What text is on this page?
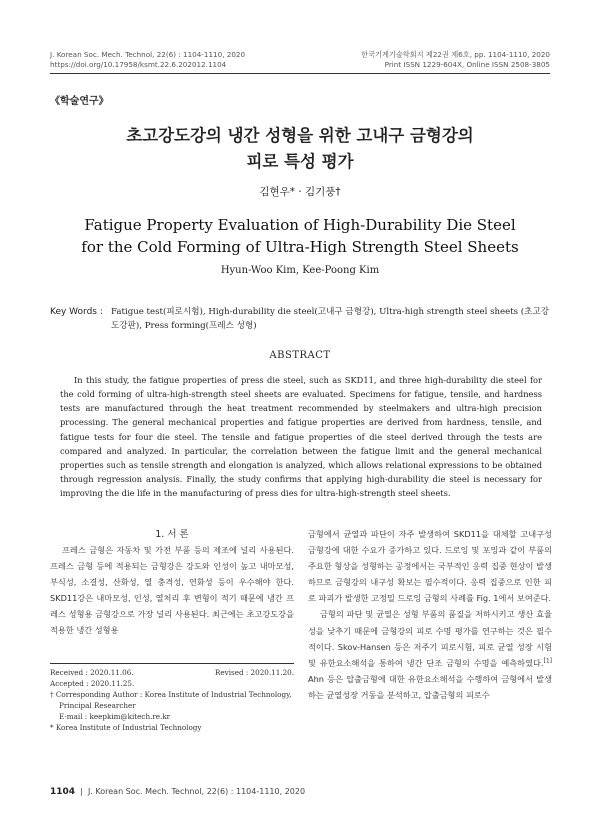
J. Korean Soc. Mech. Technol, 22(6) : 1104-1110, 2020
https://doi.org/10.17958/ksmt.22.6.202012.1104
한국기계기술학회지 제22권 제6호, pp. 1104-1110, 2020
Print ISSN 1229-604X, Online ISSN 2508-3805
《학술연구》
초고강도강의 냉간 성형을 위한 고내구 금형강의
피로 특성 평가
김현우* · 김기풍†
Fatigue Property Evaluation of High-Durability Die Steel
for the Cold Forming of Ultra-High Strength Steel Sheets
Hyun-Woo Kim, Kee-Poong Kim
Key Words : Fatigue test(피로시험), High-durability die steel(고내구 금형강), Ultra-high strength steel sheets (초고강도강판), Press forming(프레스 성형)
ABSTRACT
In this study, the fatigue properties of press die steel, such as SKD11, and three high-durability die steel for the cold forming of ultra-high-strength steel sheets are evaluated. Specimens for fatigue, tensile, and hardness tests are manufactured through the heat treatment recommended by steelmakers and ultra-high precision processing. The general mechanical properties and fatigue properties are derived from hardness, tensile, and fatigue tests for four die steel. The tensile and fatigue properties of die steel derived through the tests are compared and analyzed. In particular, the correlation between the fatigue limit and the general mechanical properties such as tensile strength and elongation is analyzed, which allows relational expressions to be obtained through regression analysis. Finally, the study confirms that applying high-durability die steel is necessary for improving the die life in the manufacturing of press dies for ultra-high-strength steel sheets.
1. 서 론

프레스 금형은 자동차 및 가전 부품 등의 제조에 널리 사용된다. 프레스 금형 등에 적용되는 금형강은 강도와 인성이 높고 내마모성, 부식성, 소결성, 산화성, 열 충격성, 연화성 등이 우수해야 한다. SKD11강은 내마모성, 인성, 열처리 후 변형이 적기 때문에 냉간 프레스 성형용 금형강으로 가장 널리 사용된다. 최근에는 초고강도강을 적용한 냉간 성형용

Received : 2020.11.06.	Revised : 2020.11.20.
Accepted : 2020.11.25.
† Corresponding Author : Korea Institute of Industrial Technology,
Principal Researcher
E-mail : keepkim@kitech.re.kr
* Korea Institute of Industrial Technology

금형에서 균열과 파단이 자주 발생하여 SKD11을 대체할 고내구성 금형강에 대한 수요가 증가하고 있다. 드로잉 및 포밍과 같이 부품의 주요한 형상을 성형하는 공정에서는 국부적인 응력 집중 현상이 발생하므로 금형강의 내구성 확보는 필수적이다. 응력 집중으로 인한 피로 파괴가 발생한 고정밀 드로잉 금형의 사례를 Fig. 1에서 보여준다.

금형의 파단 및 균열은 성형 부품의 품질을 저하시키고 생산 효율성을 낮추기 때문에 금형강의 피로 수명 평가를 연구하는 것은 필수적이다. Skov-Hansen 등은 저주기 피로시험, 피로 균열 성장 시험 및 유한요소해석을 통하여 냉간 단조 금형의 수명을 예측하였다.[1] Ahn 등은 압출금형에 대한 유한요소해석을 수행하여 금형에서 발생하는 균열성장 거동을 분석하고, 압출금형의 피로수

1104  |  J. Korean Soc. Mech. Technol, 22(6) : 1104-1110, 2020
